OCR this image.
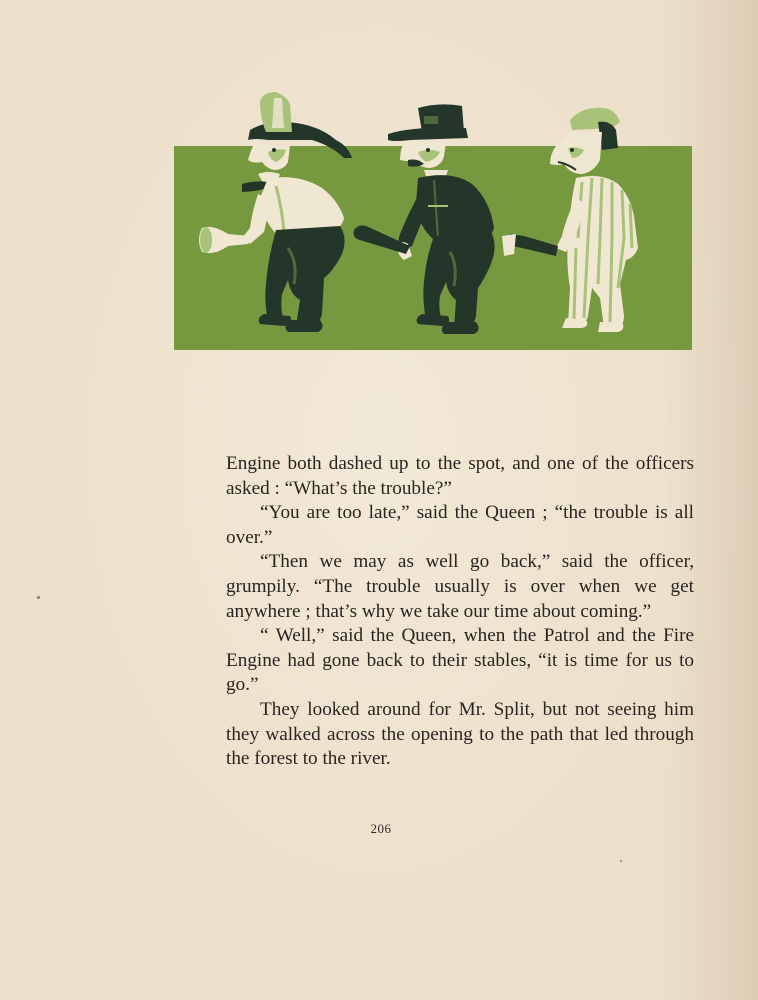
Engine both dashed up to the spot, and one of the officers asked : “What’s the trouble?”

“You are too late,” said the Queen ; “the trouble is all over.”

“Then we may as well go back,” said the officer, grumpily. “The trouble usually is over when we get anywhere ; that’s why we take our time about coming.”

“ Well,” said the Queen, when the Patrol and the Fire Engine had gone back to their stables, “it is time for us to go.”

They looked around for Mr. Split, but not seeing him they walked across the opening to the path that led through the forest to the river.

206
